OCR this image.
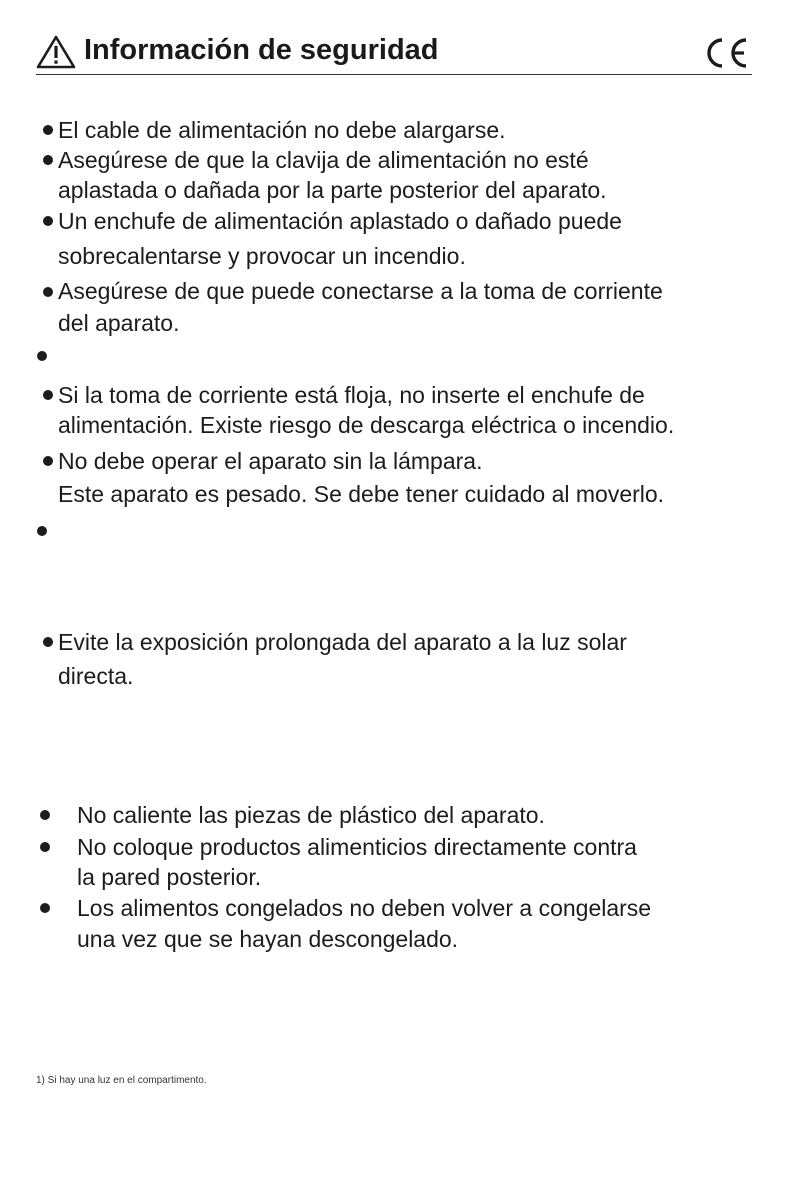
Información de seguridad
El cable de alimentación no debe alargarse.
Asegúrese de que la clavija de alimentación no esté
aplastada o dañada por la parte posterior del aparato.
Un enchufe de alimentación aplastado o dañado puede
sobrecalentarse y provocar un incendio.
Asegúrese de que puede conectarse a la toma de corriente
del aparato.
Si la toma de corriente está floja, no inserte el enchufe de
alimentación. Existe riesgo de descarga eléctrica o incendio.
No debe operar el aparato sin la lámpara.
Este aparato es pesado. Se debe tener cuidado al moverlo.
Evite la exposición prolongada del aparato a la luz solar
directa.
No caliente las piezas de plástico del aparato.
No coloque productos alimenticios directamente contra
la pared posterior.
Los alimentos congelados no deben volver a congelarse
una vez que se hayan descongelado.
1) Si hay una luz en el compartimento.
